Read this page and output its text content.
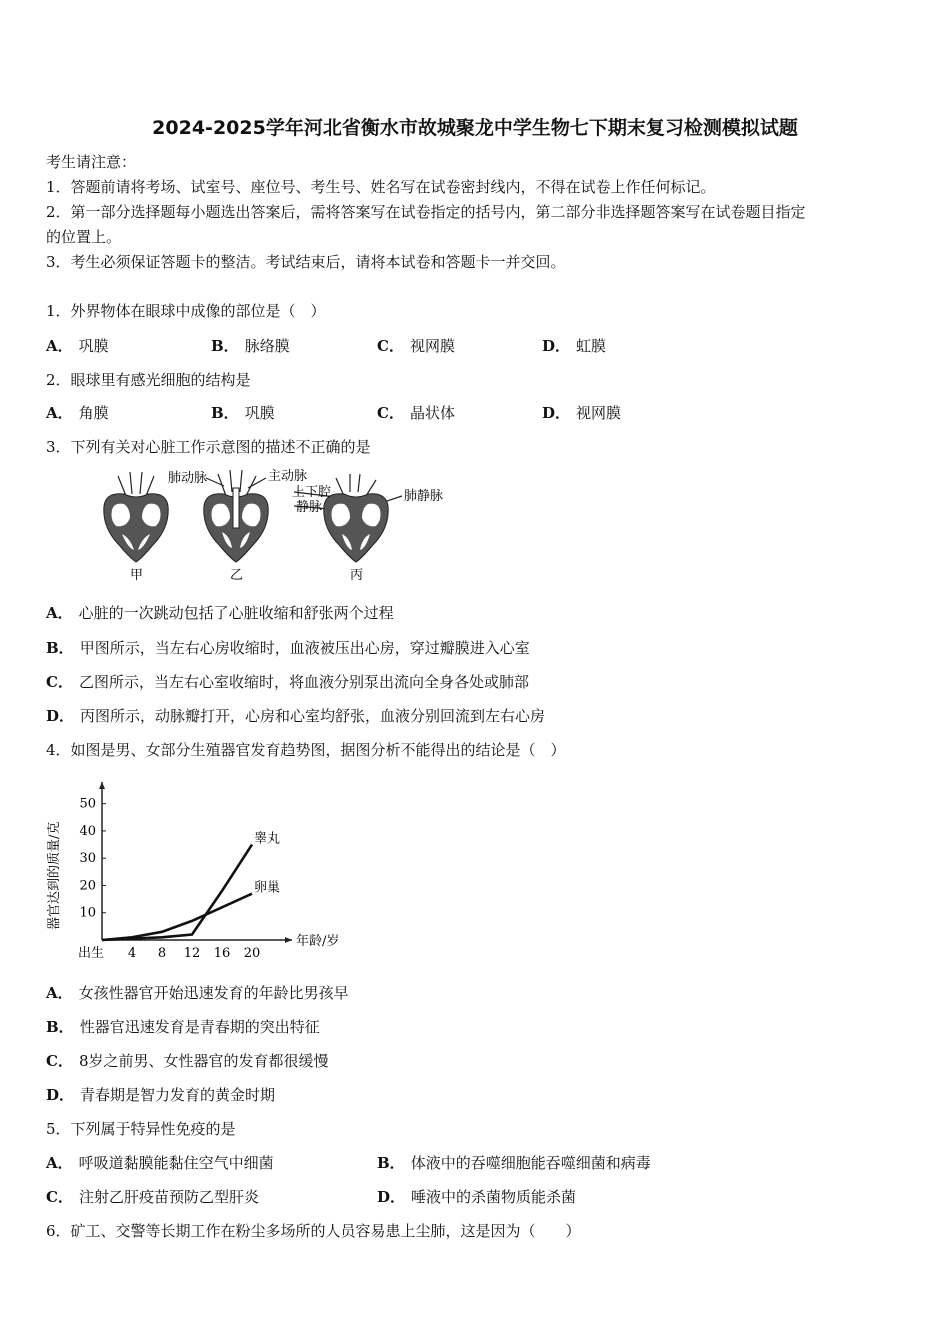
2024-2025学年河北省衡水市故城聚龙中学生物七下期末复习检测模拟试题
考生请注意：
1．答题前请将考场、试室号、座位号、考生号、姓名写在试卷密封线内，不得在试卷上作任何标记。
2．第一部分选择题每小题选出答案后，需将答案写在试卷指定的括号内，第二部分非选择题答案写在试卷题目指定
的位置上。
3．考生必须保证答题卡的整洁。考试结束后，请将本试卷和答题卡一并交回。
1．外界物体在眼球中成像的部位是（　）
A． 巩膜	B． 脉络膜	C． 视网膜	D． 虹膜
2．眼球里有感光细胞的结构是
A． 角膜	B． 巩膜	C． 晶状体	D． 视网膜
3．下列有关对心脏工作示意图的描述不正确的是
肺动脉	主动脉
上下腔
静脉
肺静脉
甲	乙	丙
A． 心脏的一次跳动包括了心脏收缩和舒张两个过程
B． 甲图所示，当左右心房收缩时，血液被压出心房，穿过瓣膜进入心室
C． 乙图所示，当左右心室收缩时，将血液分别泵出流向全身各处或肺部
D． 丙图所示，动脉瓣打开，心房和心室均舒张，血液分别回流到左右心房
4．如图是男、女部分生殖器官发育趋势图，据图分析不能得出的结论是（　）
10
20
30
40
50
出生 4 8 12 16 20
年龄/岁
器官达到的质量/克	睾丸
卵巢
A． 女孩性器官开始迅速发育的年龄比男孩早
B． 性器官迅速发育是青春期的突出特征
C． 8岁之前男、女性器官的发育都很缓慢
D． 青春期是智力发育的黄金时期
5．下列属于特异性免疫的是
A． 呼吸道黏膜能黏住空气中细菌	B． 体液中的吞噬细胞能吞噬细菌和病毒
C． 注射乙肝疫苗预防乙型肝炎	D． 唾液中的杀菌物质能杀菌
6．矿工、交警等长期工作在粉尘多场所的人员容易患上尘肺，这是因为（　　）
